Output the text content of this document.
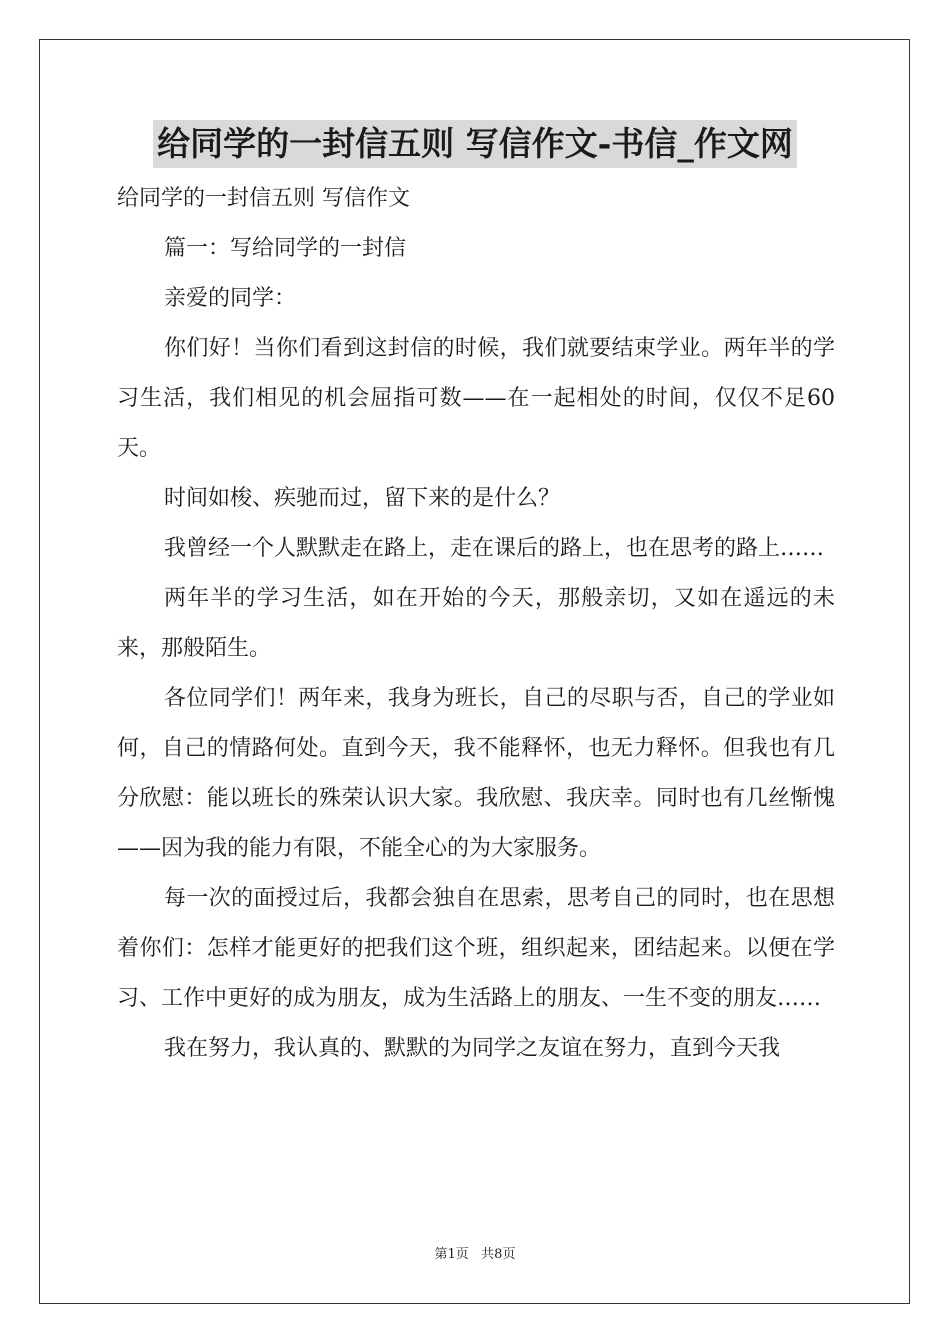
给同学的一封信五则 写信作文-书信_作文网

给同学的一封信五则 写信作文

篇一：写给同学的一封信

亲爱的同学：

你们好！当你们看到这封信的时候，我们就要结束学业。两年半的学习生活，我们相见的机会屈指可数——在一起相处的时间，仅仅不足60天。

时间如梭、疾驰而过，留下来的是什么？

我曾经一个人默默走在路上，走在课后的路上，也在思考的路上……

两年半的学习生活，如在开始的今天，那般亲切，又如在遥远的未来，那般陌生。

各位同学们！两年来，我身为班长，自己的尽职与否，自己的学业如何，自己的情路何处。直到今天，我不能释怀，也无力释怀。但我也有几分欣慰：能以班长的殊荣认识大家。我欣慰、我庆幸。同时也有几丝惭愧——因为我的能力有限，不能全心的为大家服务。

每一次的面授过后，我都会独自在思索，思考自己的同时，也在思想着你们：怎样才能更好的把我们这个班，组织起来，团结起来。以便在学习、工作中更好的成为朋友，成为生活路上的朋友、一生不变的朋友……

我在努力，我认真的、默默的为同学之友谊在努力，直到今天我

第1页   共8页
